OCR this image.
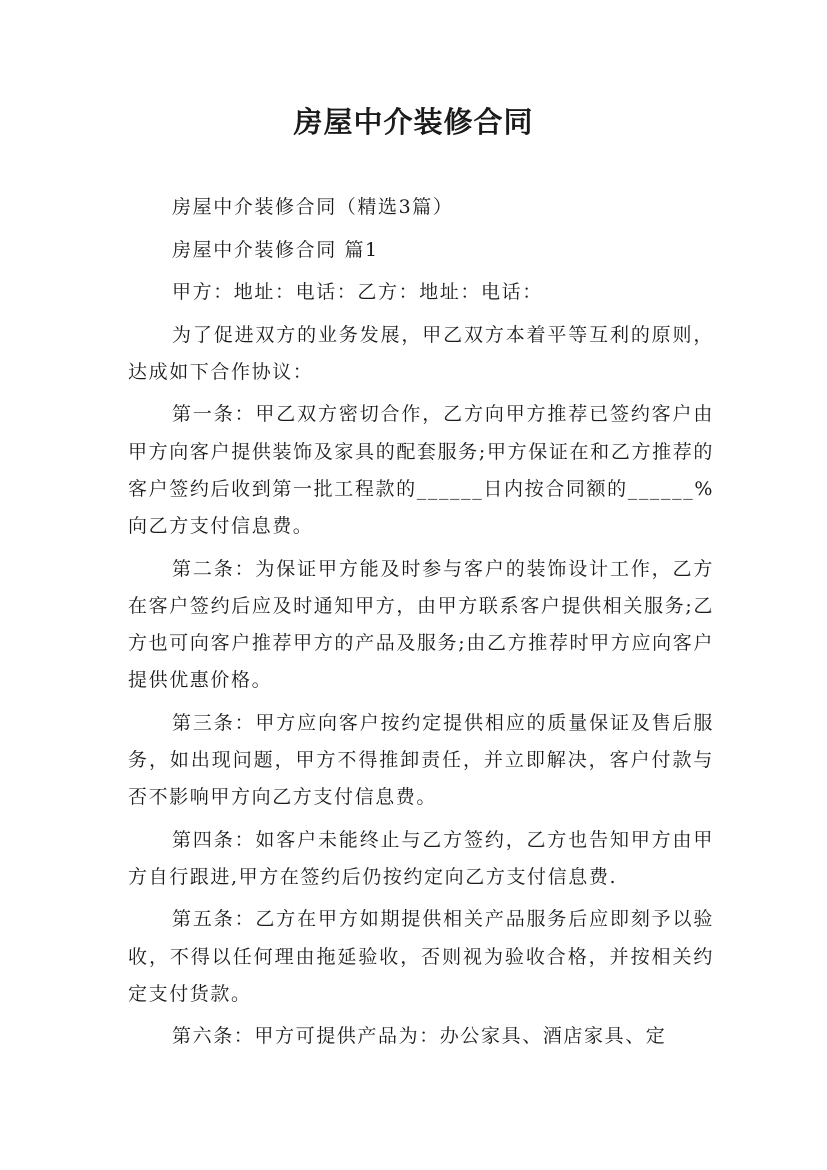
房屋中介装修合同

房屋中介装修合同（精选3篇）

房屋中介装修合同 篇1

甲方：地址：电话：乙方：地址：电话：

为了促进双方的业务发展，甲乙双方本着平等互利的原则，达成如下合作协议：

第一条：甲乙双方密切合作，乙方向甲方推荐已签约客户由甲方向客户提供装饰及家具的配套服务;甲方保证在和乙方推荐的客户签约后收到第一批工程款的______日内按合同额的______%向乙方支付信息费。

第二条：为保证甲方能及时参与客户的装饰设计工作，乙方在客户签约后应及时通知甲方，由甲方联系客户提供相关服务;乙方也可向客户推荐甲方的产品及服务;由乙方推荐时甲方应向客户提供优惠价格。

第三条：甲方应向客户按约定提供相应的质量保证及售后服务，如出现问题，甲方不得推卸责任，并立即解决，客户付款与否不影响甲方向乙方支付信息费。

第四条：如客户未能终止与乙方签约，乙方也告知甲方由甲方自行跟进,甲方在签约后仍按约定向乙方支付信息费.

第五条：乙方在甲方如期提供相关产品服务后应即刻予以验收，不得以任何理由拖延验收，否则视为验收合格，并按相关约定支付货款。

第六条：甲方可提供产品为：办公家具、酒店家具、定
